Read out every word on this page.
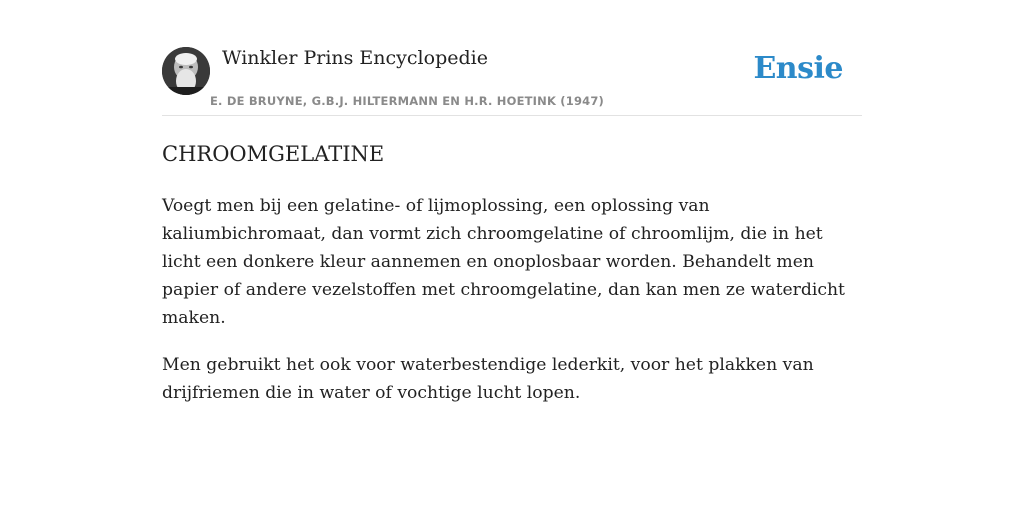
Winkler Prins Encyclopedie
E. DE BRUYNE, G.B.J. HILTERMANN EN H.R. HOETINK (1947)
Ensie
CHROOMGELATINE

Voegt men bij een gelatine- of lijmoplossing, een oplossing van kaliumbichromaat, dan vormt zich chroomgelatine of chroomlijm, die in het licht een donkere kleur aannemen en onoplosbaar worden. Behandelt men papier of andere vezelstoffen met chroomgelatine, dan kan men ze waterdicht maken.

Men gebruikt het ook voor waterbestendige lederkit, voor het plakken van drijfriemen die in water of vochtige lucht lopen.
